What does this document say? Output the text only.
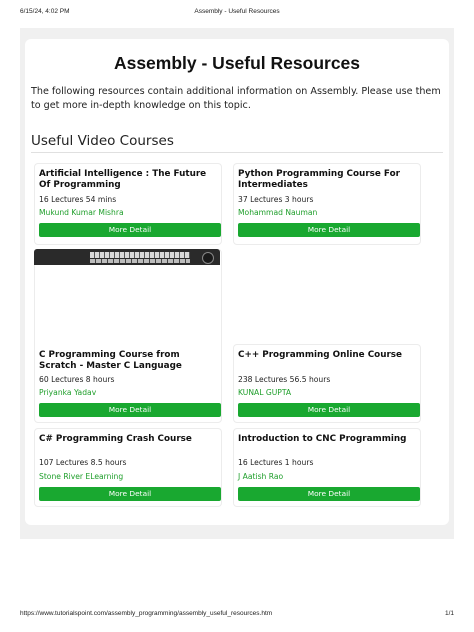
6/15/24, 4:02 PM	Assembly - Useful Resources
Assembly - Useful Resources
The following resources contain additional information on Assembly. Please use them to get more in-depth knowledge on this topic.
Useful Video Courses
Artificial Intelligence : The Future Of Programming
16 Lectures 54 mins
Mukund Kumar Mishra
More Detail
Python Programming Course For Intermediates
37 Lectures 3 hours
Mohammad Nauman
More Detail
C Programming Course from Scratch - Master C Language
60 Lectures 8 hours
Priyanka Yadav
More Detail
C++ Programming Online Course
238 Lectures 56.5 hours
KUNAL GUPTA
More Detail
C# Programming Crash Course
107 Lectures 8.5 hours
Stone River ELearning
More Detail
Introduction to CNC Programming
16 Lectures 1 hours
J Aatish Rao
More Detail
https://www.tutorialspoint.com/assembly_programming/assembly_useful_resources.htm	1/1
